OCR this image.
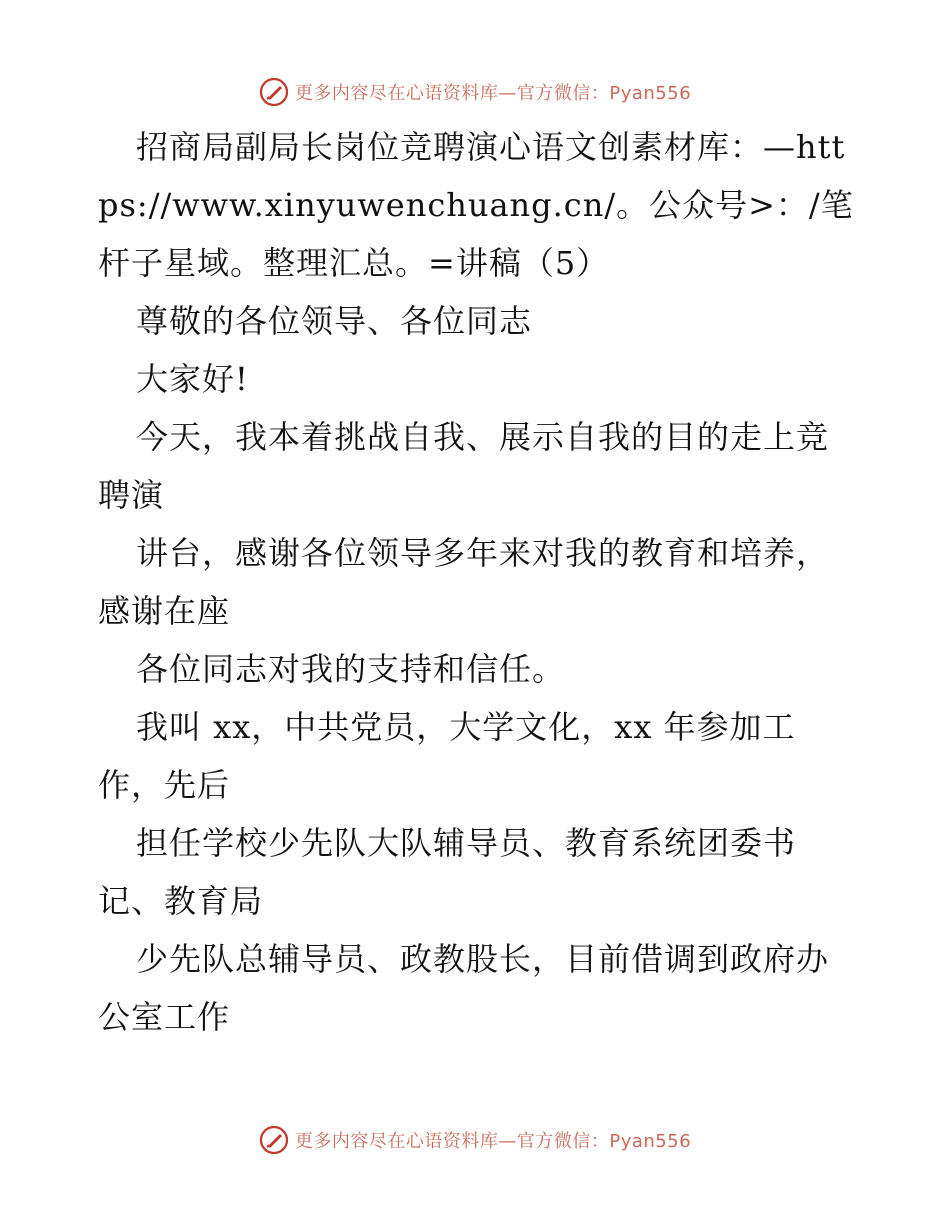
更多内容尽在心语资料库—官方微信：Pyan556

招商局副局长岗位竞聘演心语文创素材库：—https://www.xinyuwenchuang.cn/。公众号>：/笔杆子星域。整理汇总。=讲稿（5）

尊敬的各位领导、各位同志

大家好!

今天，我本着挑战自我、展示自我的目的走上竞聘演

讲台，感谢各位领导多年来对我的教育和培养，感谢在座

各位同志对我的支持和信任。

我叫 xx，中共党员，大学文化，xx 年参加工作，先后

担任学校少先队大队辅导员、教育系统团委书记、教育局

少先队总辅导员、政教股长，目前借调到政府办公室工作

更多内容尽在心语资料库—官方微信：Pyan556
